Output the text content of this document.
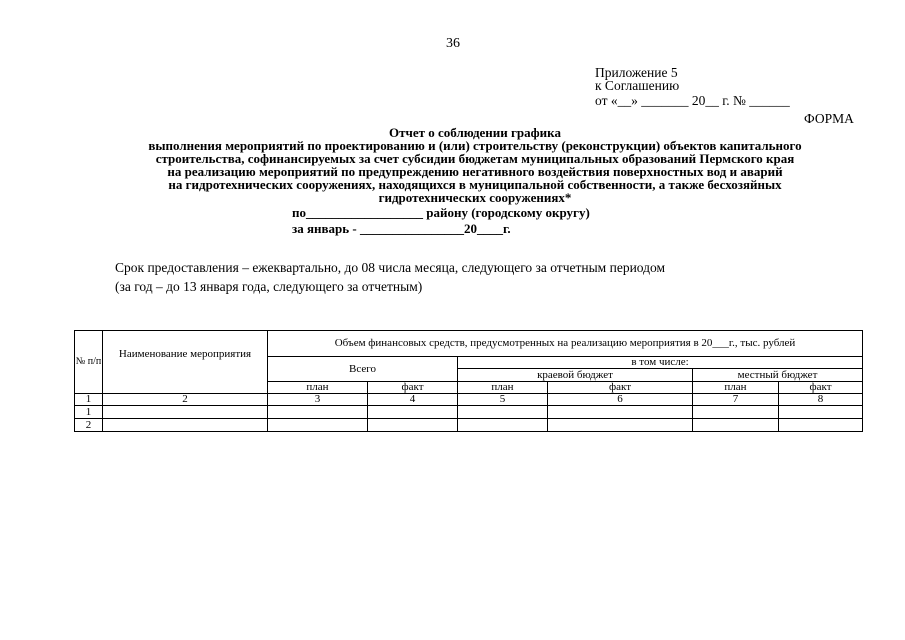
36
Приложение 5
к Соглашению
от «__» _______ 20__ г. № ______
ФОРМА
Отчет о соблюдении графика
выполнения мероприятий по проектированию и (или) строительству (реконструкции) объектов капитального
строительства, софинансируемых за счет субсидии бюджетам муниципальных образований Пермского края
на реализацию мероприятий по предупреждению негативного воздействия поверхностных вод и аварий
на гидротехнических сооружениях, находящихся в муниципальной собственности, а также бесхозяйных
гидротехнических сооружениях*
по__________________ району (городскому округу)
за январь - ________________20____г.
Срок предоставления – ежеквартально, до 08 числа месяца, следующего за отчетным периодом
(за год – до 13 января года, следующего за отчетным)
№ п/п	Наименование мероприятия	Объем финансовых средств, предусмотренных на реализацию мероприятия в 20___г., тыс. рублей					
		Всего		в том числе:			
				краевой бюджет		местный бюджет	
		план	факт	план	факт	план	факт
1	2	3	4	5	6	7	8
1							
2							
